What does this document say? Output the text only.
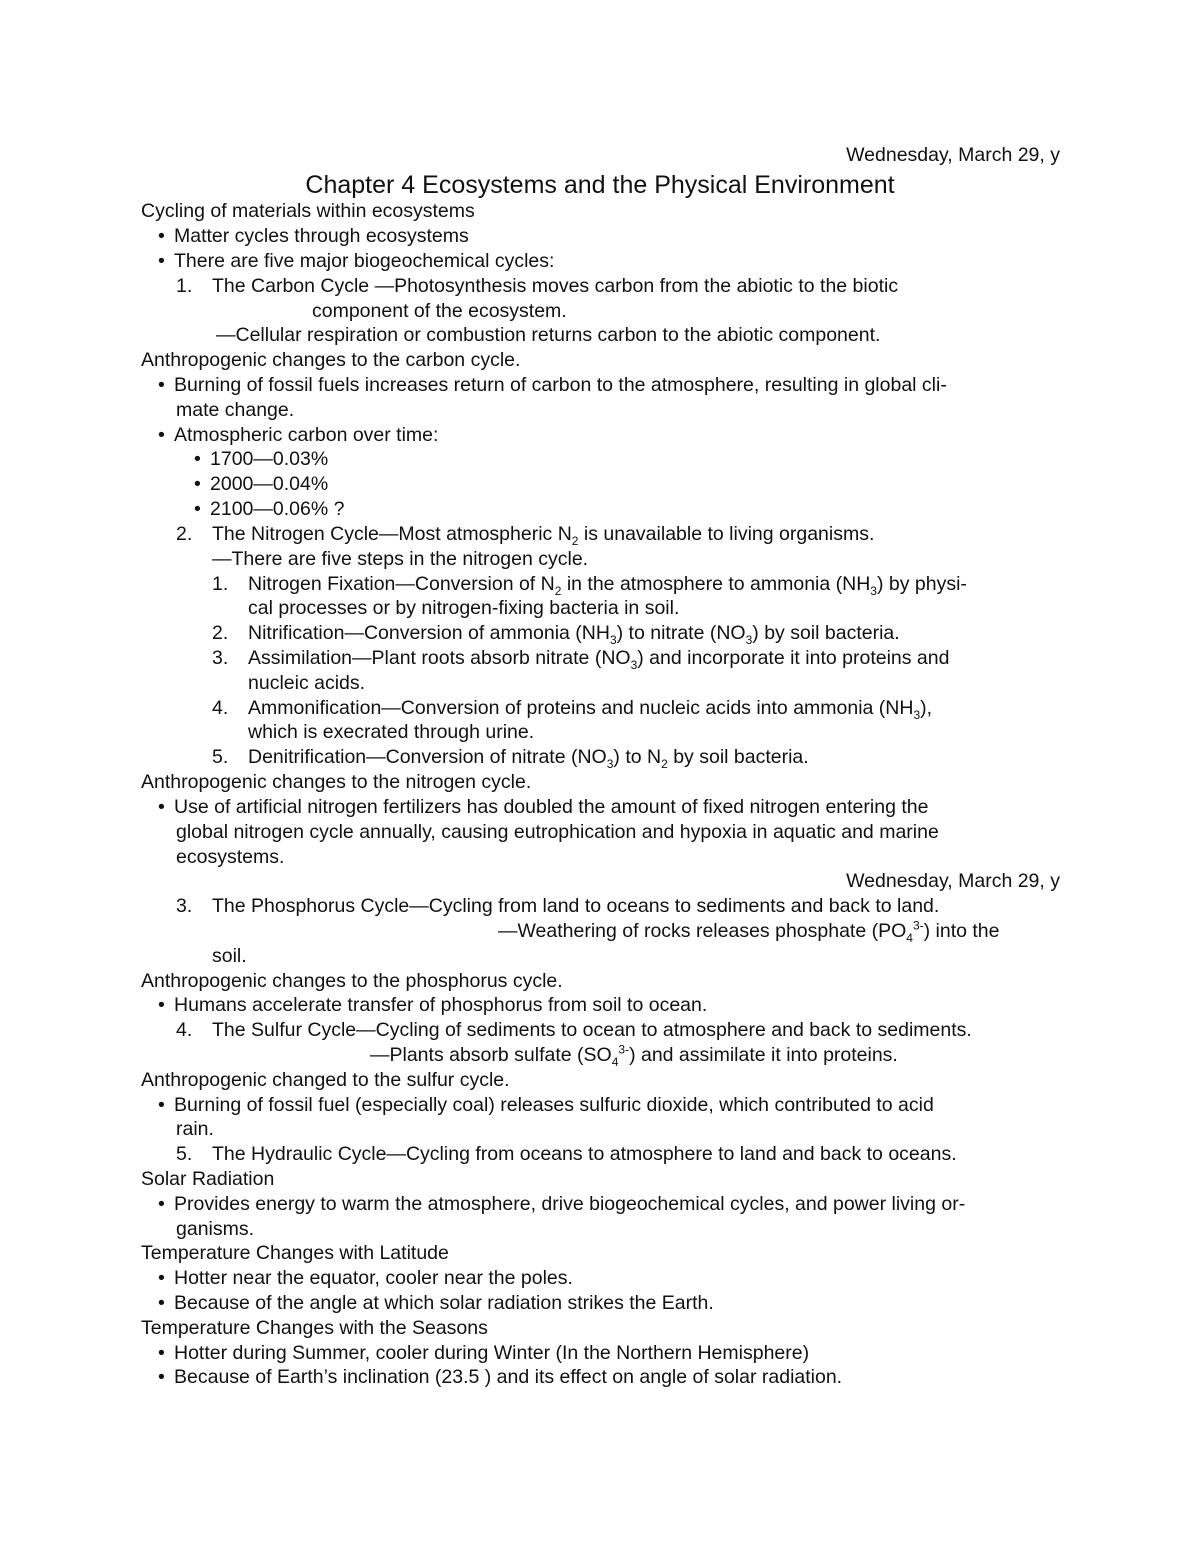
Wednesday, March 29, y
Chapter 4 Ecosystems and the Physical Environment
Cycling of materials within ecosystems
• Matter cycles through ecosystems
• There are five major biogeochemical cycles:
1. The Carbon Cycle —Photosynthesis moves carbon from the abiotic to the biotic
component of the ecosystem.
—Cellular respiration or combustion returns carbon to the abiotic component.
Anthropogenic changes to the carbon cycle.
• Burning of fossil fuels increases return of carbon to the atmosphere, resulting in global cli-
mate change.
• Atmospheric carbon over time:
• 1700—0.03%
• 2000—0.04%
• 2100—0.06% ?
2. The Nitrogen Cycle—Most atmospheric $N_2$ is unavailable to living organisms.
—There are five steps in the nitrogen cycle.
1. Nitrogen Fixation—Conversion of $N_2$ in the atmosphere to ammonia $(NH_3)$ by physi-
cal processes or by nitrogen-fixing bacteria in soil.
2. Nitrification—Conversion of ammonia $(NH_3)$ to nitrate $(NO_3)$ by soil bacteria.
3. Assimilation—Plant roots absorb nitrate $(NO_3)$ and incorporate it into proteins and
nucleic acids.
4. Ammonification—Conversion of proteins and nucleic acids into ammonia $(NH_3)$,
which is execrated through urine.
5. Denitrification—Conversion of nitrate $(NO_3)$ to $N_2$ by soil bacteria.
Anthropogenic changes to the nitrogen cycle.
• Use of artificial nitrogen fertilizers has doubled the amount of fixed nitrogen entering the
global nitrogen cycle annually, causing eutrophication and hypoxia in aquatic and marine
ecosystems.
Wednesday, March 29, y
3. The Phosphorus Cycle—Cycling from land to oceans to sediments and back to land.
—Weathering of rocks releases phosphate $(PO_4^{3-})$ into the
soil.
Anthropogenic changes to the phosphorus cycle.
• Humans accelerate transfer of phosphorus from soil to ocean.
4. The Sulfur Cycle—Cycling of sediments to ocean to atmosphere and back to sediments.
—Plants absorb sulfate $(SO_4^{3-})$ and assimilate it into proteins.
Anthropogenic changed to the sulfur cycle.
• Burning of fossil fuel (especially coal) releases sulfuric dioxide, which contributed to acid
rain.
5. The Hydraulic Cycle—Cycling from oceans to atmosphere to land and back to oceans.
Solar Radiation
• Provides energy to warm the atmosphere, drive biogeochemical cycles, and power living or-
ganisms.
Temperature Changes with Latitude
• Hotter near the equator, cooler near the poles.
• Because of the angle at which solar radiation strikes the Earth.
Temperature Changes with the Seasons
• Hotter during Summer, cooler during Winter (In the Northern Hemisphere)
• Because of Earth’s inclination (23.5 ) and its effect on angle of solar radiation.
